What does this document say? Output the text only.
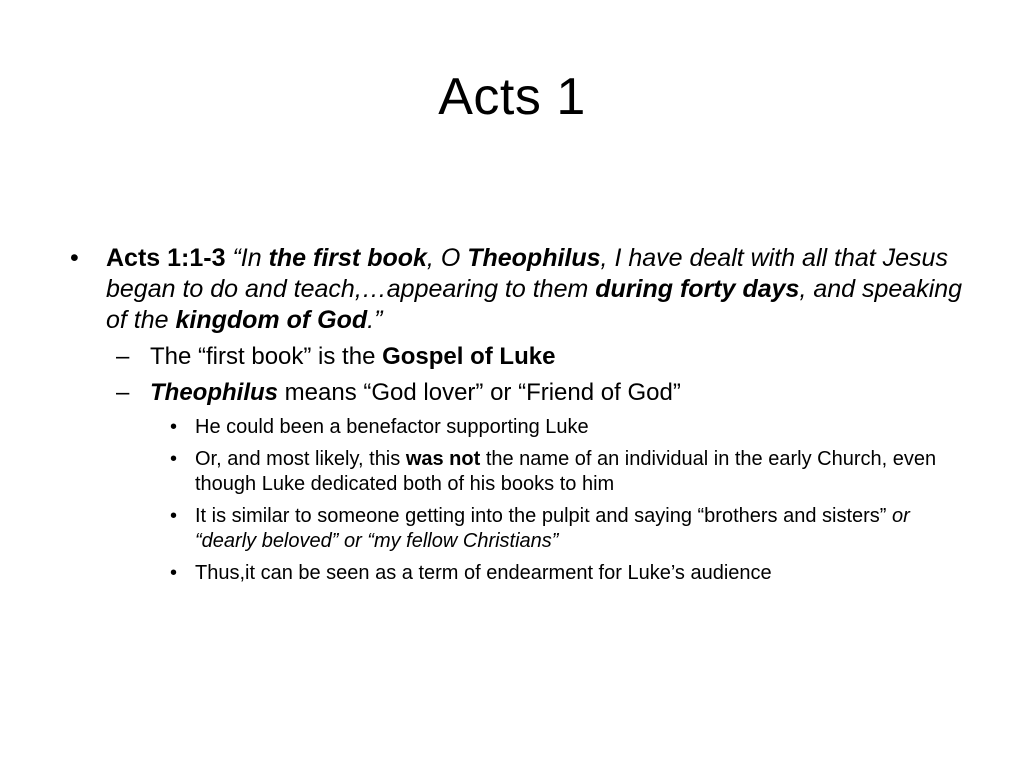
Acts 1
• Acts 1:1-3 “In the first book, O Theophilus, I have dealt with all that Jesus began to do and teach,…appearing to them during forty days, and speaking of the kingdom of God.”
– The “first book” is the Gospel of Luke
– Theophilus means “God lover” or “Friend of God”
• He could been a benefactor supporting Luke
• Or, and most likely, this was not the name of an individual in the early Church, even though Luke dedicated both of his books to him
• It is similar to someone getting into the pulpit and saying “brothers and sisters” or “dearly beloved” or “my fellow Christians”
• Thus,it can be seen as a term of endearment for Luke’s audience
